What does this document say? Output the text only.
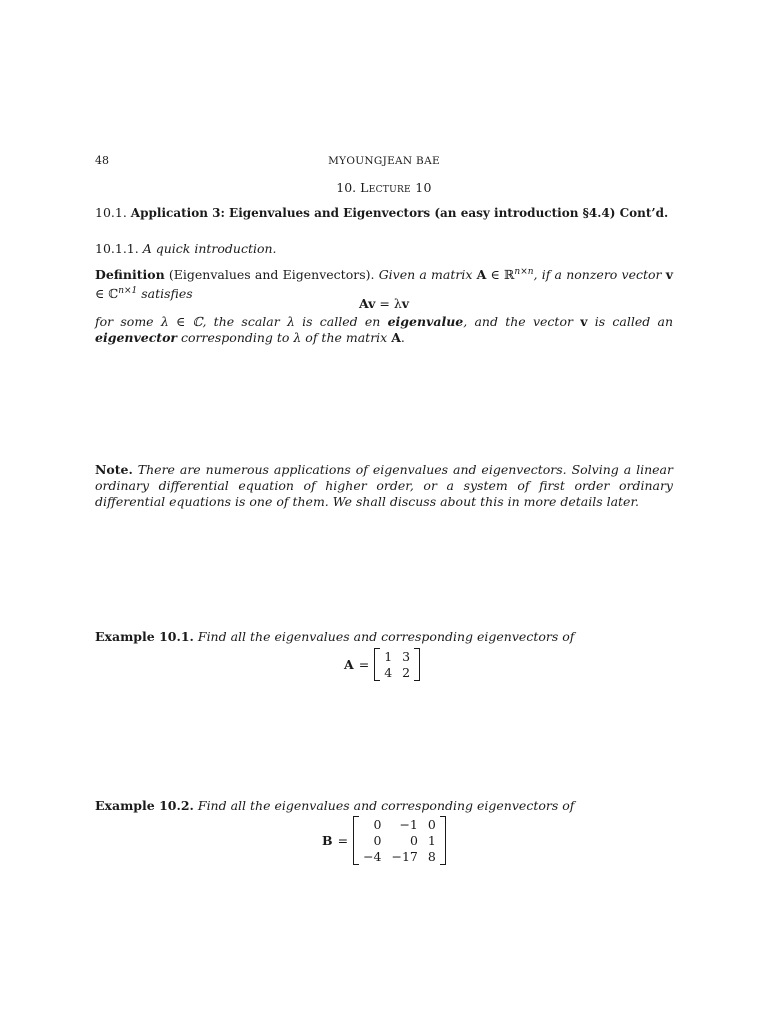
48	MYOUNGJEAN BAE
10. Lecture 10
10.1. Application 3: Eigenvalues and Eigenvectors (an easy introduction §4.4) Cont’d.
10.1.1. A quick introduction.
Definition (Eigenvalues and Eigenvectors). Given a matrix A ∈ ℝ$^{n\times n}$, if a nonzero vector v ∈ ℂ$^{n\times 1}$ satisfies
Av = λv
for some λ ∈ ℂ, the scalar λ is called en eigenvalue, and the vector v is called an eigenvector corresponding to λ of the matrix A.
Note. There are numerous applications of eigenvalues and eigenvectors. Solving a linear ordinary differential equation of higher order, or a system of first order ordinary differential equations is one of them. We shall discuss about this in more details later.
Example 10.1. Find all the eigenvalues and corresponding eigenvectors of
A = 1 3
4 2
Example 10.2. Find all the eigenvalues and corresponding eigenvectors of
B =
0	−1 0
0	0 1
−4 −17 8
